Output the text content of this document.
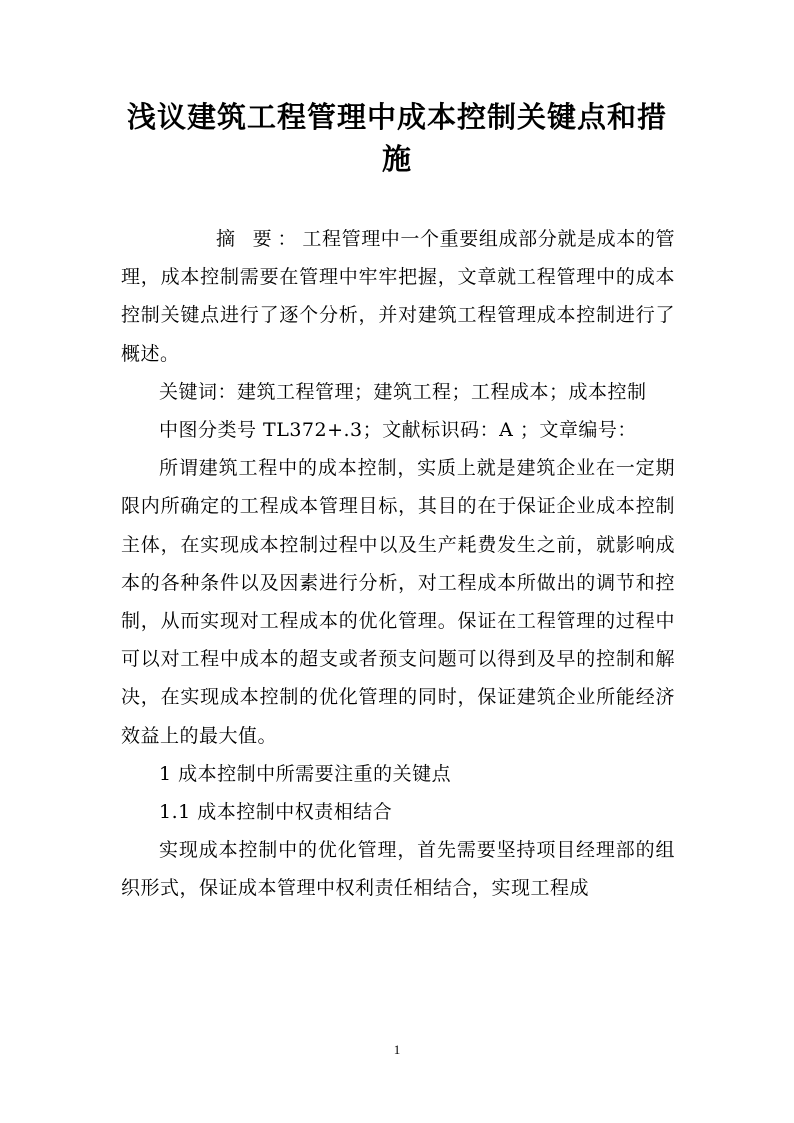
浅议建筑工程管理中成本控制关键点和措施

摘 要：工程管理中一个重要组成部分就是成本的管理，成本控制需要在管理中牢牢把握，文章就工程管理中的成本控制关键点进行了逐个分析，并对建筑工程管理成本控制进行了概述。

关键词：建筑工程管理；建筑工程；工程成本；成本控制

中图分类号 TL372+.3；文献标识码：A ；文章编号：

所谓建筑工程中的成本控制，实质上就是建筑企业在一定期限内所确定的工程成本管理目标，其目的在于保证企业成本控制主体，在实现成本控制过程中以及生产耗费发生之前，就影响成本的各种条件以及因素进行分析，对工程成本所做出的调节和控制，从而实现对工程成本的优化管理。保证在工程管理的过程中可以对工程中成本的超支或者预支问题可以得到及早的控制和解决，在实现成本控制的优化管理的同时，保证建筑企业所能经济效益上的最大值。

1 成本控制中所需要注重的关键点

1.1 成本控制中权责相结合

实现成本控制中的优化管理，首先需要坚持项目经理部的组织形式，保证成本管理中权利责任相结合，实现工程成

1
